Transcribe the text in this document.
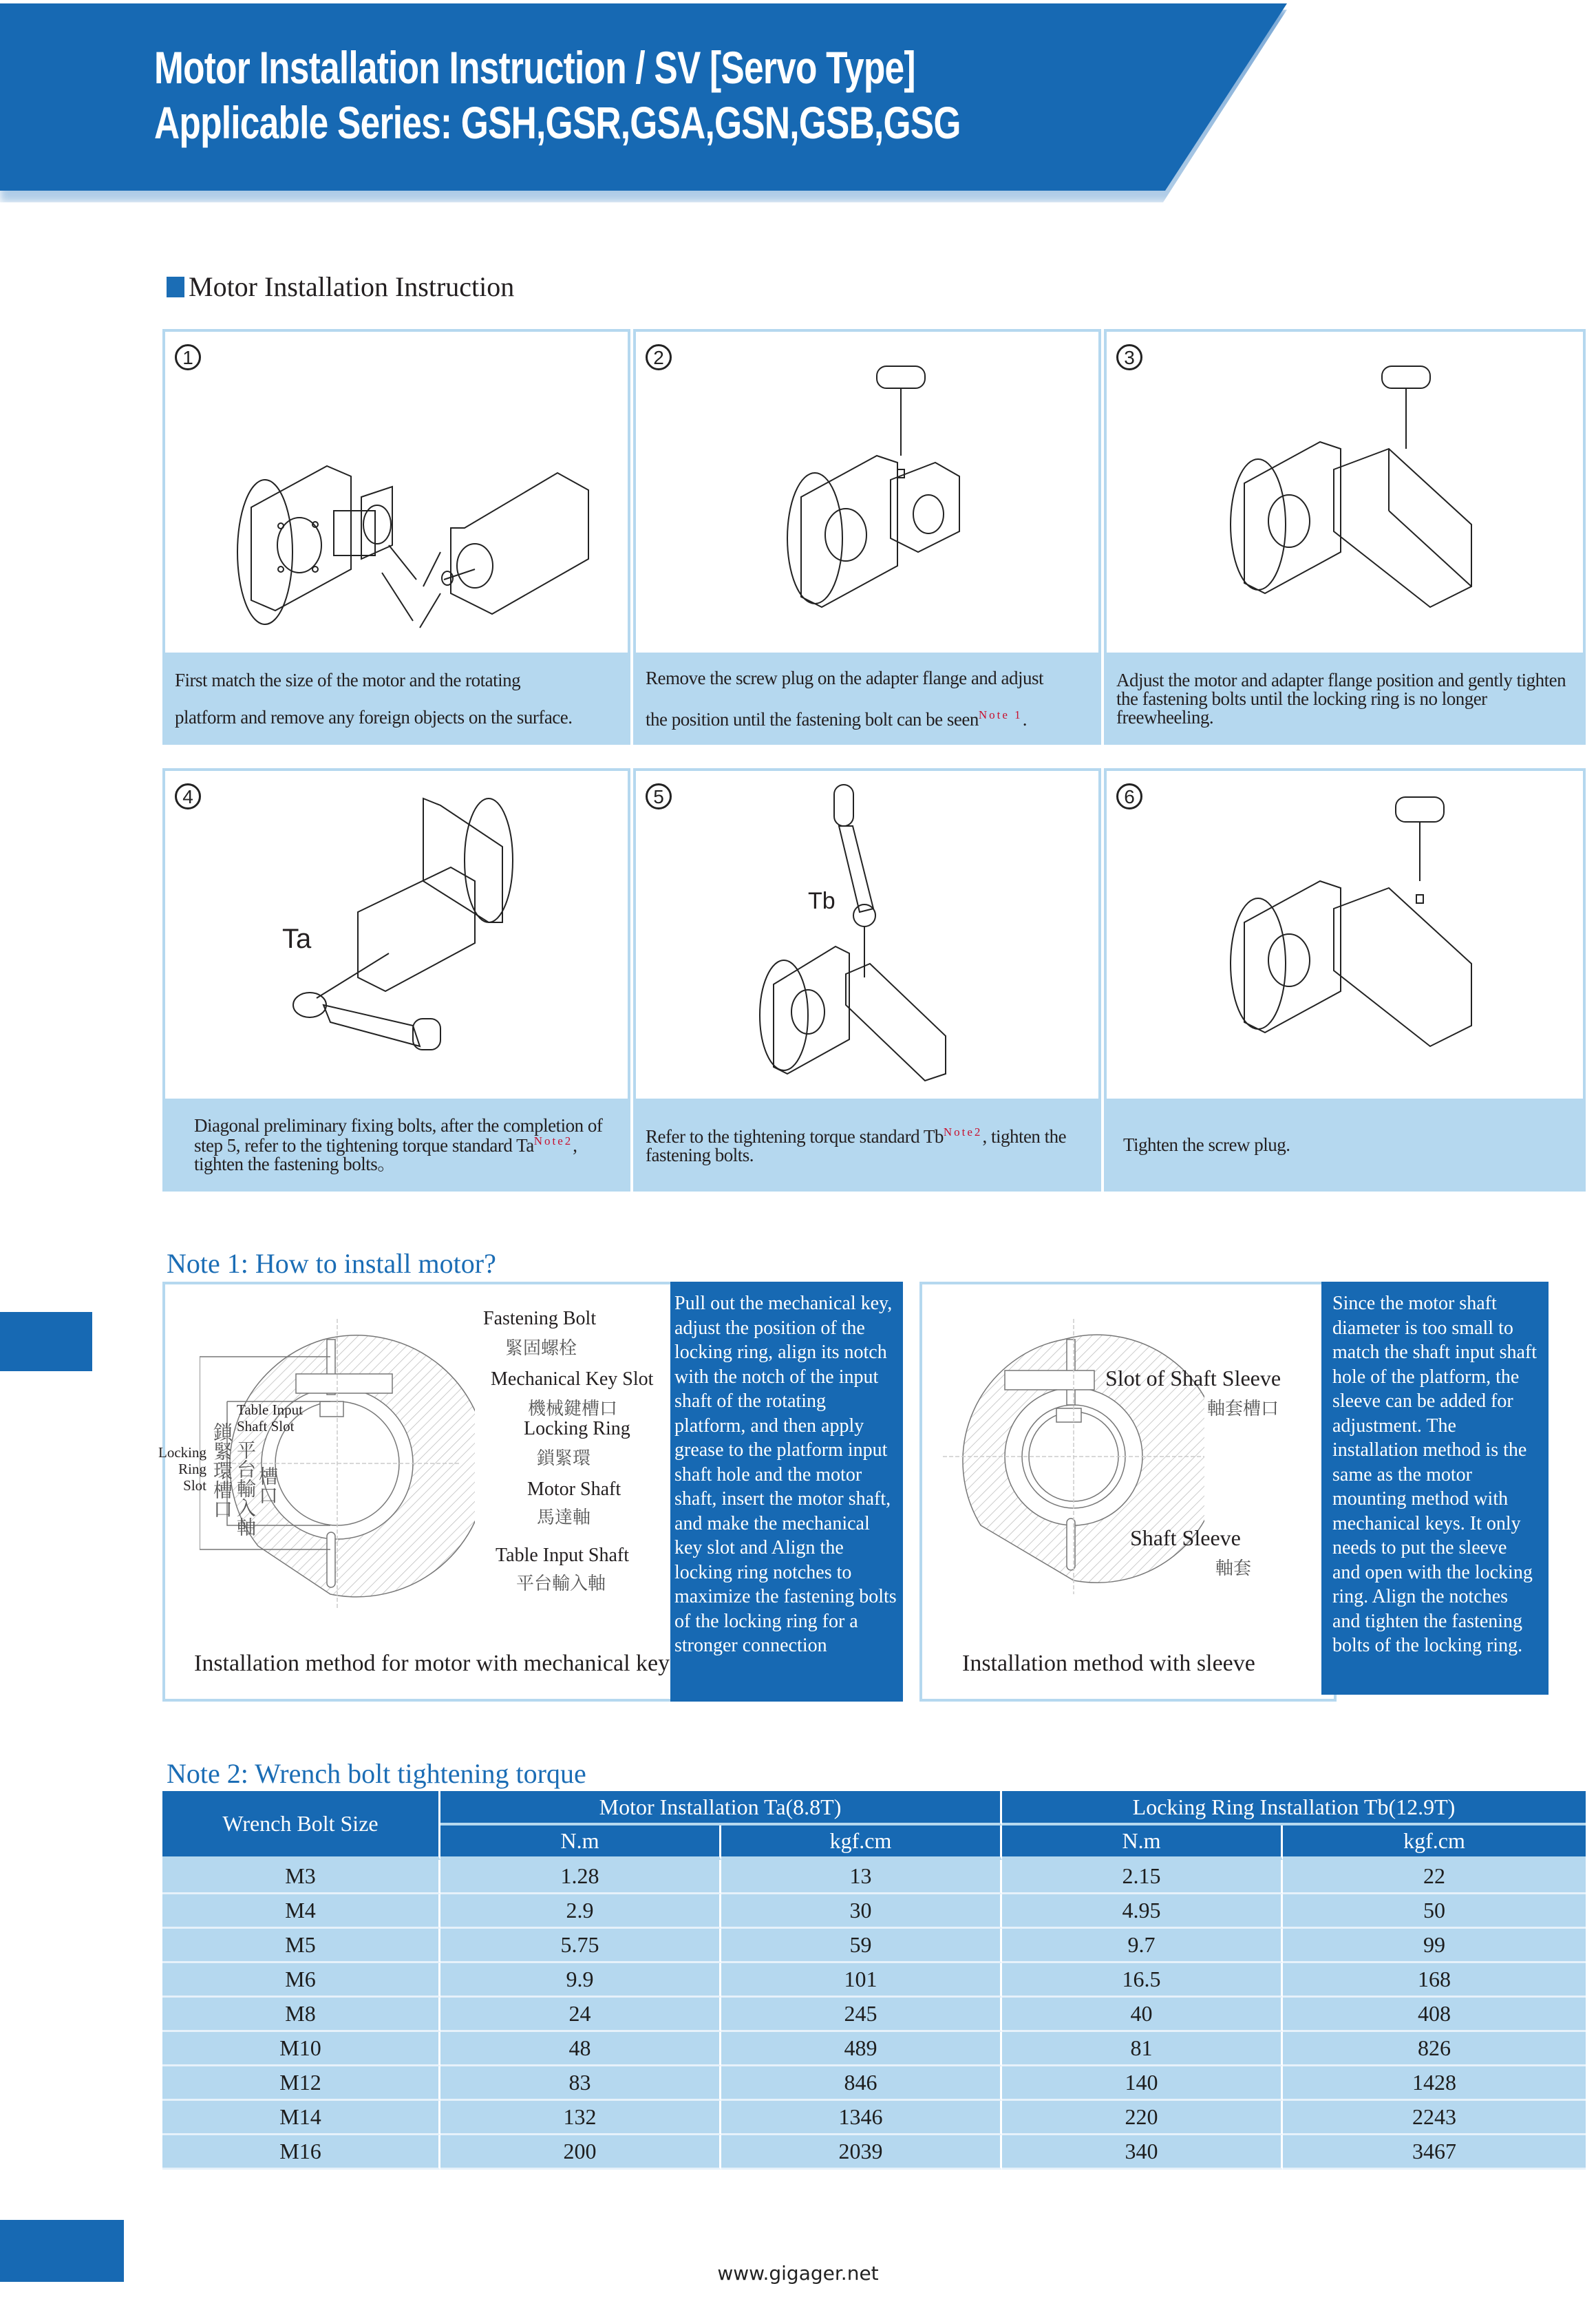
Motor Installation Instruction / SV [Servo Type]
Applicable Series: GSH,GSR,GSA,GSN,GSB,GSG
Motor Installation Instruction
1
First match the size of the motor and the rotating
platform and remove any foreign objects on the surface.
2
Remove the screw plug on the adapter flange and adjust
the position until the fastening bolt can be seen$^{Note 1}$.
3
Adjust the motor and adapter flange position and gently tighten the fastening bolts until the locking ring is no longer freewheeling.
4
Ta
Diagonal preliminary fixing bolts, after the completion of step 5, refer to the tightening torque standard Ta$^{Note2}$, tighten the fastening bolts。
5
Tb
Refer to the tightening torque standard Tb$^{Note2}$, tighten the fastening bolts.
6
Tighten the screw plug.
Note 1: How to install motor?
Fastening Bolt
緊固螺栓
Mechanical Key Slot
機械鍵槽口
Locking Ring
鎖緊環
Motor Shaft
馬達軸
Table Input Shaft
平台輸入軸
Table Input
Shaft Slot
Locking
Ring
Slot 鎖緊環槽口 平台輸入軸 槽口
Installation method for motor with mechanical key
Pull out the mechanical key, adjust the position of the locking ring, align its notch with the notch of the input shaft of the rotating platform, and then apply grease to the platform input shaft hole and the motor shaft, insert the motor shaft, and make the mechanical key slot and Align the locking ring notches to maximize the fastening bolts of the locking ring for a stronger connection
Slot of Shaft Sleeve
軸套槽口
Shaft Sleeve
軸套
Installation method with sleeve
Since the motor shaft diameter is too small to match the shaft input shaft hole of the platform, the sleeve can be added for adjustment. The installation method is the same as the motor mounting method with mechanical keys. It only needs to put the sleeve and open with the locking ring. Align the notches and tighten the fastening bolts of the locking ring.
Note 2: Wrench bolt tightening torque
Wrench Bolt Size	Motor Installation Ta(8.8T)		Locking Ring Installation Tb(12.9T)	
	N.m	kgf.cm	N.m	kgf.cm
M3	1.28	13	2.15	22
M4	2.9	30	4.95	50
M5	5.75	59	9.7	99
M6	9.9	101	16.5	168
M8	24	245	40	408
M10	48	489	81	826
M12	83	846	140	1428
M14	132	1346	220	2243
M16	200	2039	340	3467
www.gigager.net
